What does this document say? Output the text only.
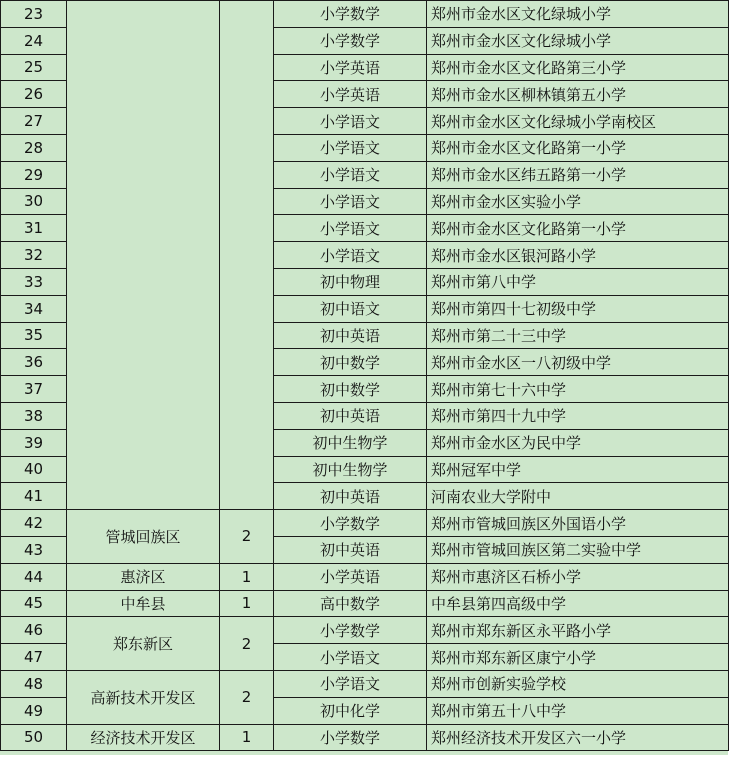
23			小学数学	郑州市金水区文化绿城小学
24			小学数学	郑州市金水区文化绿城小学
25			小学英语	郑州市金水区文化路第三小学
26			小学英语	郑州市金水区柳林镇第五小学
27			小学语文	郑州市金水区文化绿城小学南校区
28			小学语文	郑州市金水区文化路第一小学
29			小学语文	郑州市金水区纬五路第一小学
30			小学语文	郑州市金水区实验小学
31			小学语文	郑州市金水区文化路第一小学
32			小学语文	郑州市金水区银河路小学
33			初中物理	郑州市第八中学
34			初中语文	郑州市第四十七初级中学
35			初中英语	郑州市第二十三中学
36			初中数学	郑州市金水区一八初级中学
37			初中数学	郑州市第七十六中学
38			初中英语	郑州市第四十九中学
39			初中生物学	郑州市金水区为民中学
40			初中生物学	郑州冠军中学
41			初中英语	河南农业大学附中
42	管城回族区	2	小学数学	郑州市管城回族区外国语小学
43			初中英语	郑州市管城回族区第二实验中学
44	惠济区	1	小学英语	郑州市惠济区石桥小学
45	中牟县	1	高中数学	中牟县第四高级中学
46	郑东新区	2	小学数学	郑州市郑东新区永平路小学
47			小学语文	郑州市郑东新区康宁小学
48	高新技术开发区	2	小学语文	郑州市创新实验学校
49			初中化学	郑州市第五十八中学
50	经济技术开发区	1	小学数学	郑州经济技术开发区六一小学
